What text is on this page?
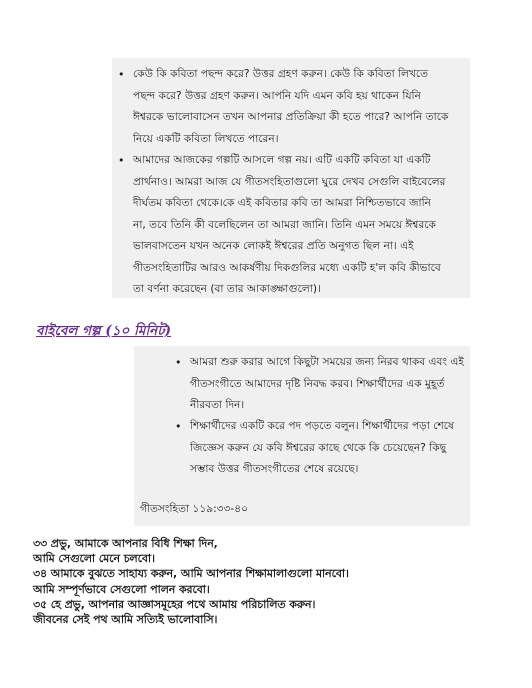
• কেউ কি কবিতা পছন্দ করে? উত্তর গ্রহণ করুন। কেউ কি কবিতা লিখতে
পছন্দ করে? উত্তর গ্রহণ করুন। আপনি যদি এমন কবি হয় থাকেন যিনি
ঈশ্বরকে ভালোবাসেন তখন আপনার প্রতিক্রিয়া কী হতে পারে? আপনি তাকে
নিয়ে একটি কবিতা লিখতে পারেন।
• আমাদের আজকের গল্পটি আসলে গল্প নয়। এটি একটি কবিতা যা একটি
প্রার্থনাও। আমরা আজ যে গীতসংহিতাগুলো ঘুরে দেখব সেগুলি বাইবেলের
দীর্ঘতম কবিতা থেকে।কে এই কবিতার কবি তা আমরা নিশ্চিতভাবে জানি
না, তবে তিনি কী বলেছিলেন তা আমরা জানি। তিনি এমন সময়ে ঈশ্বরকে
ভালবাসতেন যখন অনেক লোকই ঈশ্বরের প্রতি অনুগত ছিল না। এই
গীতসংহিতাটির আরও আকর্ষণীয় দিকগুলির মধ্যে একটি হ'ল কবি কীভাবে
তা বর্ণনা করেছেন (বা তার আকাঙ্ক্ষাগুলো)।
বাইবেল গল্প (১০ মিনিট)
• আমরা শুরু করার আগে কিছুটা সময়ের জন্য নিরব থাকব এবং এই
গীতসংগীতে আমাদের দৃষ্টি নিবদ্ধ করব। শিক্ষার্থীদের এক মুহূর্ত
নীরবতা দিন।
• শিক্ষার্থীদের একটি করে পদ পড়তে বলুন। শিক্ষার্থীদের পড়া শেষে
জিজ্ঞেস করুন যে কবি ঈশ্বরের কাছে থেকে কি চেয়েছেন? কিছু
সম্ভাব উত্তর গীতসংগীতের শেষে রয়েছে।
গীতসংহিতা ১১৯:৩৩-৪০
৩৩ প্রভু, আমাকে আপনার বিধি শিক্ষা দিন,
আমি সেগুলো মেনে চলবো।
৩৪ আমাকে বুঝতে সাহায্য করুন, আমি আপনার শিক্ষামালাগুলো মানবো।
আমি সম্পূর্ণভাবে সেগুলো পালন করবো।
৩৫ হে প্রভু, আপনার আজ্ঞাসমূহের পথে আমায় পরিচালিত করুন।
জীবনের সেই পথ আমি সত্যিই ভালোবাসি।
